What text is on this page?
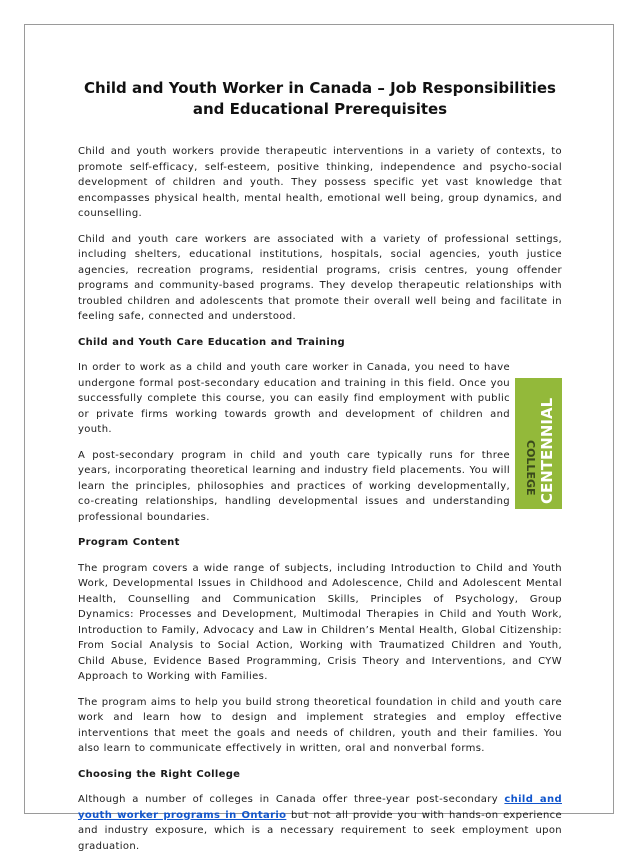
Child and Youth Worker in Canada – Job Responsibilities and Educational Prerequisites

Child and youth workers provide therapeutic interventions in a variety of contexts, to promote self-efficacy, self-esteem, positive thinking, independence and psycho-social development of children and youth. They possess specific yet vast knowledge that encompasses physical health, mental health, emotional well being, group dynamics, and counselling.

Child and youth care workers are associated with a variety of professional settings, including shelters, educational institutions, hospitals, social agencies, youth justice agencies, recreation programs, residential programs, crisis centres, young offender programs and community-based programs. They develop therapeutic relationships with troubled children and adolescents that promote their overall well being and facilitate in feeling safe, connected and understood.

Child and Youth Care Education and Training

In order to work as a child and youth care worker in Canada, you need to have undergone formal post-secondary education and training in this field. Once you successfully complete this course, you can easily find employment with public or private firms working towards growth and development of children and youth.

A post-secondary program in child and youth care typically runs for three years, incorporating theoretical learning and industry field placements. You will learn the principles, philosophies and practices of working developmentally, co-creating relationships, handling developmental issues and understanding professional boundaries.

CENTENNIAL
COLLEGE

Program Content

The program covers a wide range of subjects, including Introduction to Child and Youth Work, Developmental Issues in Childhood and Adolescence, Child and Adolescent Mental Health, Counselling and Communication Skills, Principles of Psychology, Group Dynamics: Processes and Development, Multimodal Therapies in Child and Youth Work, Introduction to Family, Advocacy and Law in Children’s Mental Health, Global Citizenship: From Social Analysis to Social Action, Working with Traumatized Children and Youth, Child Abuse, Evidence Based Programming, Crisis Theory and Interventions, and CYW Approach to Working with Families.

The program aims to help you build strong theoretical foundation in child and youth care work and learn how to design and implement strategies and employ effective interventions that meet the goals and needs of children, youth and their families. You also learn to communicate effectively in written, oral and nonverbal forms.

Choosing the Right College

Although a number of colleges in Canada offer three-year post-secondary child and youth worker programs in Ontario but not all provide you with hands-on experience and industry exposure, which is a necessary requirement to seek employment upon graduation.
